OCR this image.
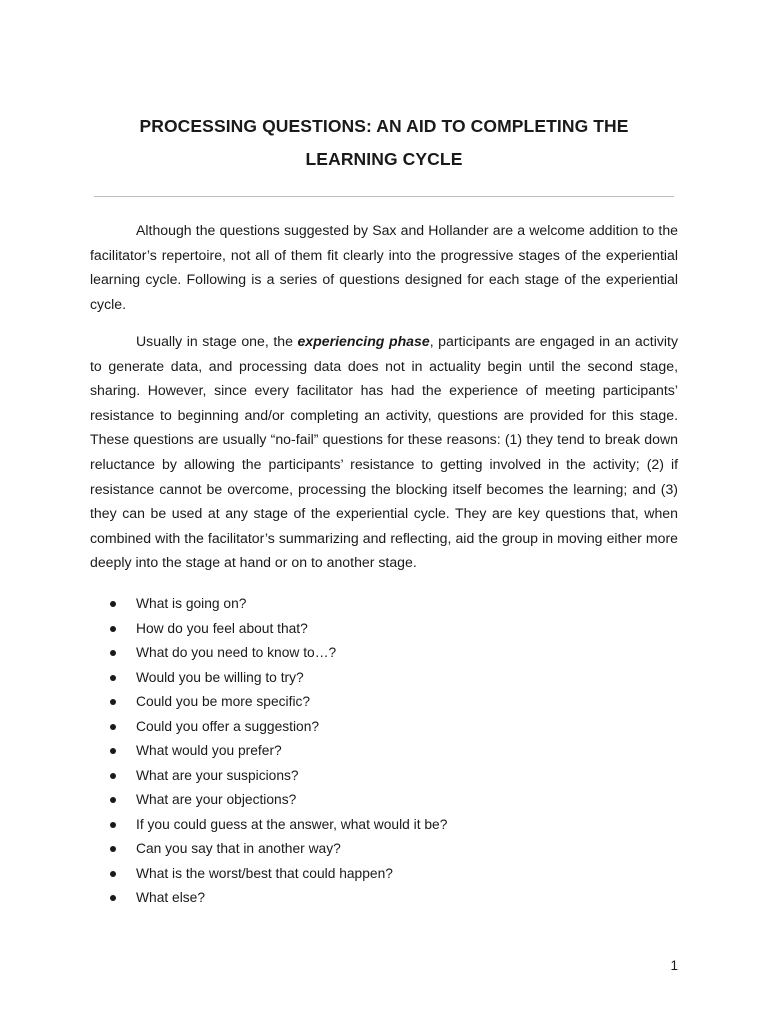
PROCESSING QUESTIONS: AN AID TO COMPLETING THE
LEARNING CYCLE

Although the questions suggested by Sax and Hollander are a welcome addition to the facilitator’s repertoire, not all of them fit clearly into the progressive stages of the experiential learning cycle. Following is a series of questions designed for each stage of the experiential cycle.

Usually in stage one, the experiencing phase, participants are engaged in an activity to generate data, and processing data does not in actuality begin until the second stage, sharing. However, since every facilitator has had the experience of meeting participants’ resistance to beginning and/or completing an activity, questions are provided for this stage. These questions are usually “no-fail” questions for these reasons: (1) they tend to break down reluctance by allowing the participants’ resistance to getting involved in the activity; (2) if resistance cannot be overcome, processing the blocking itself becomes the learning; and (3) they can be used at any stage of the experiential cycle. They are key questions that, when combined with the facilitator’s summarizing and reflecting, aid the group in moving either more deeply into the stage at hand or on to another stage.

What is going on?
How do you feel about that?
What do you need to know to…?
Would you be willing to try?
Could you be more specific?
Could you offer a suggestion?
What would you prefer?
What are your suspicions?
What are your objections?
If you could guess at the answer, what would it be?
Can you say that in another way?
What is the worst/best that could happen?
What else?
1
